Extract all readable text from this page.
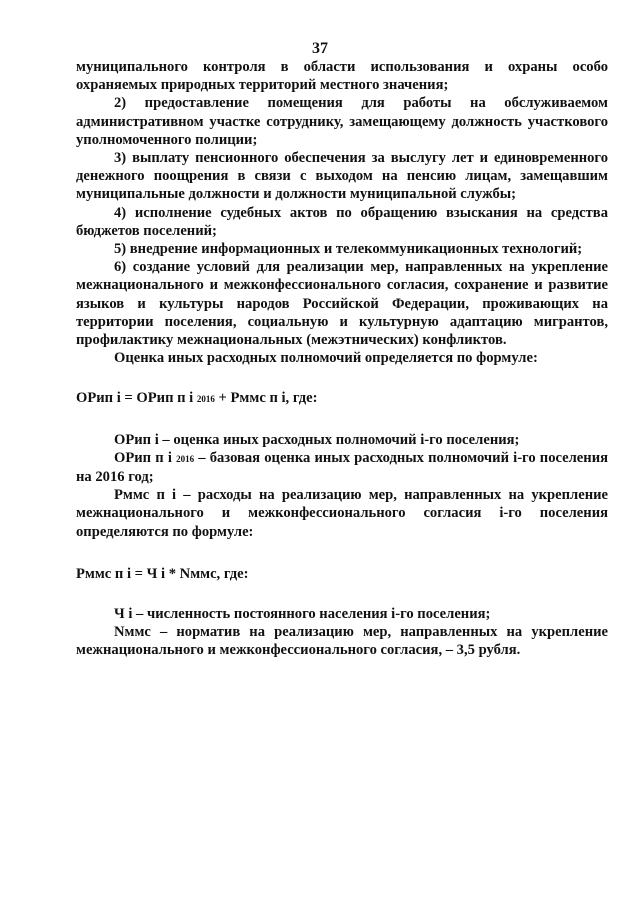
37

муниципального контроля в области использования и охраны особо охраняемых природных территорий местного значения;

2) предоставление помещения для работы на обслуживаемом административном участке сотруднику, замещающему должность участкового уполномоченного полиции;

3) выплату пенсионного обеспечения за выслугу лет и единовременного денежного поощрения в связи с выходом на пенсию лицам, замещавшим муниципальные должности и должности муниципальной службы;

4) исполнение судебных актов по обращению взыскания на средства бюджетов поселений;

5) внедрение информационных и телекоммуникационных технологий;

6) создание условий для реализации мер, направленных на укрепление межнационального и межконфессионального согласия, сохранение и развитие языков и культуры народов Российской Федерации, проживающих на территории поселения, социальную и культурную адаптацию мигрантов, профилактику межнациональных (межэтнических) конфликтов.

Оценка иных расходных полномочий определяется по формуле:

ОРип i = ОРип п i 2016 + Рммс п i, где:

ОРип i – оценка иных расходных полномочий i-го поселения;

ОРип п i 2016 – базовая оценка иных расходных полномочий i-го поселения на 2016 год;

Рммс п i – расходы на реализацию мер, направленных на укрепление межнационального и межконфессионального согласия i-го поселения определяются по формуле:

Рммс п i = Ч i * Nммс, где:

Ч i – численность постоянного населения i-го поселения;

Nммс – норматив на реализацию мер, направленных на укрепление межнационального и межконфессионального согласия, – 3,5 рубля.
